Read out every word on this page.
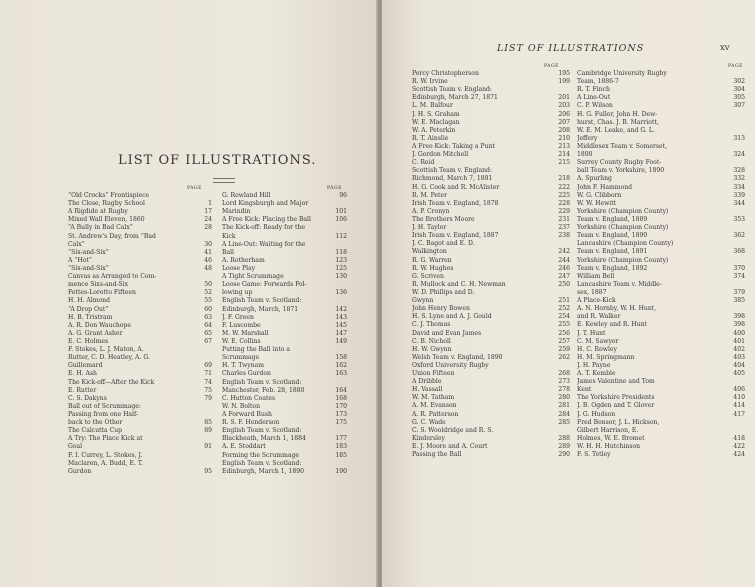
LIST OF ILLUSTRATIONS.
PAGE	PAGE
“Old Crocks” Frontispiece
The Close, Rugby School	1
A Rigdide at Rugby	17
Mixed Wall Eleven, 1860	24
“A Bully in Bad Calx”	28
St. Andrew's Day, from “Bad
Calx”	30
“Six-and-Six”	41
A “Hot”	46
“Six-and-Six”	48
Canvas as Arranged to Com-
mence Sixs-and-Six	50
Fettes-Loretto Fifteen	52
H. H. Almond	55
“A Drop Out”	60
H. B. Tristram	63
A. R. Don Wauchope	64
A. G. Grant Asher	65
E. C. Holmes	67
F. Stokes, L. J. Maton, A.
Rutter, C. D. Heatley, A. G.
Guillemard	69
E. H. Ash	71
The Kick-off—After the Kick	74
E. Rutter	75
C. S. Dakyns	79
Ball out of Scrummage:
Passing from one Half-
back to the Other	85
The Calcutta Cup	89
A Try: The Place Kick at
Goal	91
F. I. Currey, L. Stokes, J.
Maclaren, A. Budd, E. T.
Gurdon	95
G. Rowland Hill	96
Lord Kingsburgh and Major
Marindin	101
A Free Kick: Placing the Ball	106
The Kick-off: Ready for the
Kick	112
A Line-Out: Waiting for the
Ball	118
A. Rotherham	123
Loose Play	125
A Tight Scrummage	130
Loose Game: Forwards Fol-
lowing up	136
English Team v. Scotland:
Edinburgh, March, 1871	142
J. F. Green	143
F. Luscombe	145
M. W. Marshall	147
W. E. Collins	149
Putting the Ball into a
Scrummage	158
H. T. Twynam	162
Charles Gurdon	163
English Team v. Scotland:
Manchester, Feb. 28, 1880	164
C. Hutton Coates	168
W. N. Bolton	170
A Forward Rush	173
R. S. F. Henderson	175
English Team v. Scotland:
Blackheath, March 1, 1884	177
A. E. Stoddart	183
Forming the Scrummage	185
English Team v. Scotland:
Edinburgh, March 1, 1890	190
LIST OF ILLUSTRATIONS	xv
PAGE	PAGE
Percy Christopherson	195
R. W. Irvine	199
Scottish Team v. England:
Edinburgh, March 27, 1871	201
L. M. Balfour	203
J. H. S. Graham	206
W. E. Maclagan	207
W. A. Peterkin	208
R. T. Ainslie	210
A Free Kick: Taking a Punt	213
J. Gordon Mitchell	214
C. Reid	215
Scottish Team v. England:
Richmond, March 7, 1891	218
H. G. Cook and R. McAlister	222
R. M. Peter	225
Irish Team v. England, 1878	228
A. P. Cronyn	229
The Brothers Moore	231
J. H. Taylor	237
Irish Team v. England, 1887	238
J. C. Bagot and E. D.
Walkington	242
R. G. Warren	244
R. W. Hughes	246
G. Scriven	247
R. Mullock and C. H. Newman	250
W. D. Phillips and D.
Gwynn	251
John Henry Bowen	252
H. S. Lyne and A. J. Gould	254
C. J. Thomas	255
David and Evan James	256
C. B. Nicholl	257
H. W. Gwynn	259
Welsh Team v. England, 1890	262
Oxford University Rugby
Union Fifteen	268
A Dribble	273
H. Vassall	278
W. M. Tatham	280
A. M. Evanson	281
A. R. Patterson	284
G. C. Wade	285
C. S. Wooldridge and R. S.
Kindersley	288
E. J. Moore and A. Court	289
Passing the Ball	290
Cambridge University Rugby
Team, 1886-7	302
R. T. Finch	304
A Line-Out	305
C. P. Wilson	307
H. G. Fuller, John H. Dew-
hurst, Chas. J. B. Marriott,
W. E. M. Leake, and G. L.
Jeffery	313
Middlesex Team v. Somerset,
1890	324
Surrey County Rugby Foot-
ball Team v. Yorkshire, 1890	328
A. Spurling	332
John F. Hammond	334
W. G. Clibborn	339
W. W. Hewitt	344
Yorkshire (Champion County)
Team v. England, 1889	353
Yorkshire (Champion County)
Team v. England, 1890	362
Lancashire (Champion County)
Team v. England, 1891	368
Yorkshire (Champion County)
Team v. England, 1892	370
William Bell	374
Lancashire Team v. Middle-
sex, 1887	379
A Place-Kick	385
A. N. Hornby, W. H. Hunt,
and R. Walker	398
E. Kewley and R. Hunt	398
J. T. Hunt	400
C. M. Sawyer	401
H. C. Rowley	402
H. M. Springmann	403
J. H. Payne	404
A. T. Kemble	405
James Valentine and Tom
Kent	406
The Yorkshire Presidents	410
J. B. Ogden and T. Glover	414
J. G. Hudson	417
Fred Bonsor, J. L. Hickson,
Gilbert Harrison, E.
Holmes, W. E. Bromet	418
W. H. H. Hutchinson	422
F. S. Tetley	424
